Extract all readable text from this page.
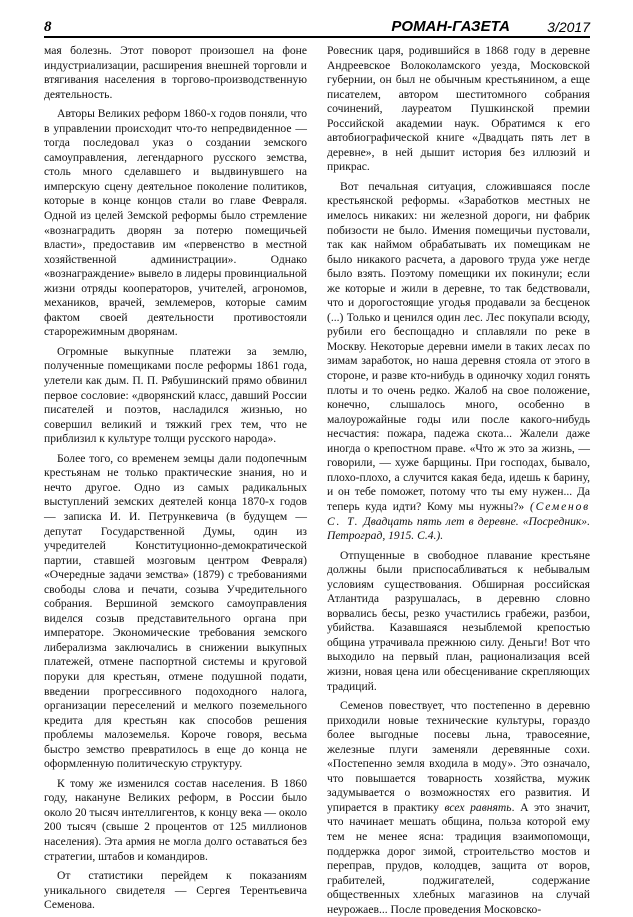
8	РОМАН-ГАЗЕТА	3/2017

мая болезнь. Этот поворот произошел на фоне индустриализации, расширения внешней торговли и втягивания населения в торгово-производственную деятельность.

Авторы Великих реформ 1860-х годов поняли, что в управлении происходит что-то непредвиденное — тогда последовал указ о создании земского самоуправления, легендарного русского земства, столь много сделавшего и выдвинувшего на имперскую сцену деятельное поколение политиков, которые в конце концов стали во главе Февраля. Одной из целей Земской реформы было стремление «вознаградить дворян за потерю помещичьей власти», предоставив им «первенство в местной хозяйственной администрации». Однако «вознаграждение» вывело в лидеры провинциальной жизни отряды кооператоров, учителей, агрономов, механиков, врачей, землемеров, которые самим фактом своей деятельности противостояли старорежимным дворянам.

Огромные выкупные платежи за землю, полученные помещиками после реформы 1861 года, улетели как дым. П. П. Рябушинский прямо обвинил первое сословие: «дворянский класс, давший России писателей и поэтов, насладился жизнью, но совершил великий и тяжкий грех тем, что не приблизил к культуре толщи русского народа».

Более того, со временем земцы дали подопечным крестьянам не только практические знания, но и нечто другое. Одно из самых радикальных выступлений земских деятелей конца 1870-х годов — записка И. И. Петрункевича (в будущем — депутат Государственной Думы, один из учредителей Конституционно-демократической партии, ставшей мозговым центром Февраля) «Очередные задачи земства» (1879) с требованиями свободы слова и печати, созыва Учредительного собрания. Вершиной земского самоуправления виделся созыв представительного органа при императоре. Экономические требования земского либерализма заключались в снижении выкупных платежей, отмене паспортной системы и круговой поруки для крестьян, отмене подушной подати, введении прогрессивного подоходного налога, организации переселений и мелкого поземельного кредита для крестьян как способов решения проблемы малоземелья. Короче говоря, весьма быстро земство превратилось в еще до конца не оформленную политическую структуру.

К тому же изменился состав населения. В 1860 году, накануне Великих реформ, в России было около 20 тысяч интеллигентов, к концу века — около 200 тысяч (свыше 2 процентов от 125 миллионов населения). Эта армия не могла долго оставаться без стратегии, штабов и командиров.

От статистики перейдем к показаниям уникального свидетеля — Сергея Терентьевича Семенова.

Ровесник царя, родившийся в 1868 году в деревне Андреевское Волоколамского уезда, Московской губернии, он был не обычным крестьянином, а еще писателем, автором шеститомного собрания сочинений, лауреатом Пушкинской премии Российской академии наук. Обратимся к его автобиографической книге «Двадцать пять лет в деревне», в ней дышит история без иллюзий и прикрас.

Вот печальная ситуация, сложившаяся после крестьянской реформы. «Заработков местных не имелось никаких: ни железной дороги, ни фабрик побизости не было. Имения помещичьи пустовали, так как наймом обрабатывать их помещикам не было никакого расчета, а дарового труда уже негде было взять. Поэтому помещики их покинули; если же которые и жили в деревне, то так бедствовали, что и дорогостоящие угодья продавали за бесценок (...) Только и ценился один лес. Лес покупали всюду, рубили его беспощадно и сплавляли по реке в Москву. Некоторые деревни имели в таких лесах по зимам заработок, но наша деревня стояла от этого в стороне, и разве кто-нибудь в одиночку ходил гонять плоты и то очень редко. Жалоб на свое положение, конечно, слышалось много, особенно в малоурожайные годы или после какого-нибудь несчастия: пожара, падежа скота... Жалели даже иногда о крепостном праве. «Что ж это за жизнь, — говорили, — хуже барщины. При господах, бывало, плохо-плохо, а случится какая беда, идешь к барину, и он тебе поможет, потому что ты ему нужен... Да теперь куда идти? Кому мы нужны?» (Семенов С. Т. Двадцать пять лет в деревне. «Посредник». Петроград, 1915. С.4.).

Отпущенные в свободное плавание крестьяне должны были приспосабливаться к небывалым условиям существования. Обширная российская Атлантида разрушалась, в деревню словно ворвались бесы, резко участились грабежи, разбои, убийства. Казавшаяся незыблемой крепостью община утрачивала прежнюю силу. Деньги! Вот что выходило на первый план, рационализация всей жизни, новая цена или обесценивание скрепляющих традиций.

Семенов повествует, что постепенно в деревню приходили новые технические культуры, гораздо более выгодные посевы льна, травосеяние, железные плуги заменяли деревянные сохи. «Постепенно земля входила в моду». Это означало, что повышается товарность хозяйства, мужик задумывается о возможностях его развития. И упирается в практику всех равнять. А это значит, что начинает мешать община, польза которой ему тем не менее ясна: традиция взаимопомощи, поддержка дорог зимой, строительство мостов и переправ, прудов, колодцев, защита от воров, грабителей, поджигателей, содержание общественных хлебных магазинов на случай неурожаев... После проведения Московско-
